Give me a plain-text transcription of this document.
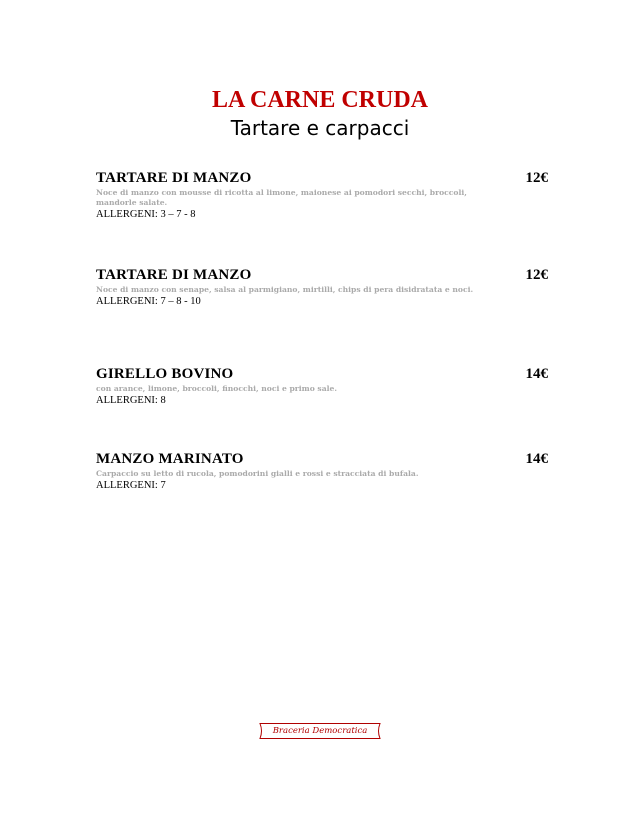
LA CARNE CRUDA
Tartare e carpacci
TARTARE DI MANZO	12€
Noce di manzo con mousse di ricotta al limone, maionese ai pomodori secchi, broccoli, mandorle salate.
ALLERGENI: 3 – 7 - 8
TARTARE DI MANZO	12€
Noce di manzo con senape, salsa al parmigiano, mirtilli, chips di pera disidratata e noci.
ALLERGENI: 7 – 8 - 10
GIRELLO BOVINO	14€
con arance, limone, broccoli, finocchi, noci e primo sale.
ALLERGENI: 8
MANZO MARINATO	14€
Carpaccio su letto di rucola, pomodorini gialli e rossi e stracciata di bufala.
ALLERGENI: 7
Braceria Democratica
